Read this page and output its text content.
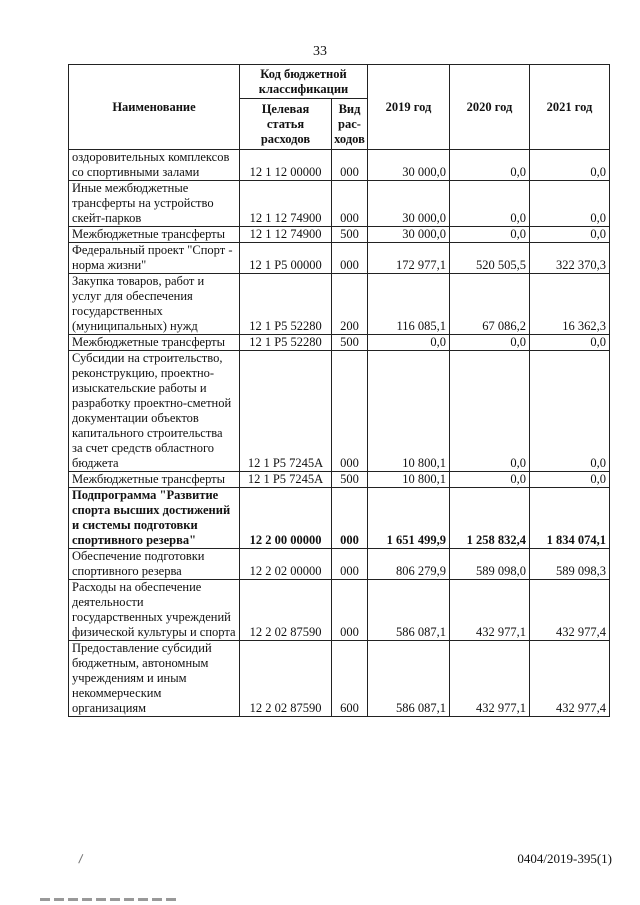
33
Наименование	Код бюджетной классификации		2019 год	2020 год	2021 год
	Целевая статья расходов	Вид рас-ходов			
оздоровительных комплексов со спортивными залами	12 1 12 00000	000	30 000,0	0,0	0,0
Иные межбюджетные трансферты на устройство скейт-парков	12 1 12 74900	000	30 000,0	0,0	0,0
Межбюджетные трансферты	12 1 12 74900	500	30 000,0	0,0	0,0
Федеральный проект "Спорт - норма жизни"	12 1 P5 00000	000	172 977,1	520 505,5	322 370,3
Закупка товаров, работ и услуг для обеспечения государственных (муниципальных) нужд	12 1 P5 52280	200	116 085,1	67 086,2	16 362,3
Межбюджетные трансферты	12 1 P5 52280	500	0,0	0,0	0,0
Субсидии на строительство, реконструкцию, проектно-изыскательские работы и разработку проектно-сметной документации объектов капитального строительства за счет средств областного бюджета	12 1 P5 7245A	000	10 800,1	0,0	0,0
Межбюджетные трансферты	12 1 P5 7245A	500	10 800,1	0,0	0,0
Подпрограмма "Развитие спорта высших достижений и системы подготовки спортивного резерва"	12 2 00 00000	000	1 651 499,9	1 258 832,4	1 834 074,1
Обеспечение подготовки спортивного резерва	12 2 02 00000	000	806 279,9	589 098,0	589 098,3
Расходы на обеспечение деятельности государственных учреждений физической культуры и спорта	12 2 02 87590	000	586 087,1	432 977,1	432 977,4
Предоставление субсидий бюджетным, автономным учреждениям и иным некоммерческим организациям	12 2 02 87590	600	586 087,1	432 977,1	432 977,4
0404/2019-395(1)
